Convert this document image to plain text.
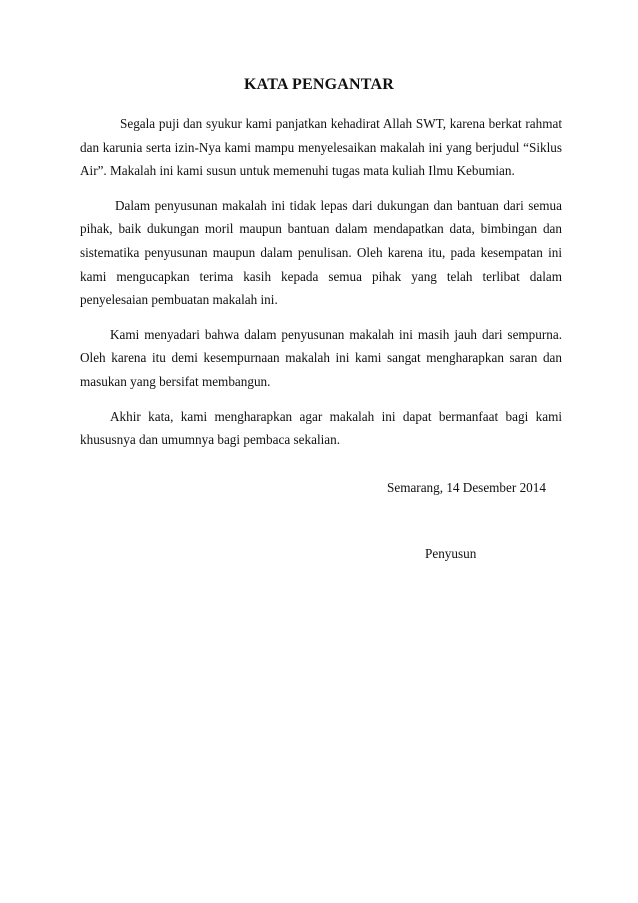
KATA PENGANTAR

Segala puji dan syukur kami panjatkan kehadirat Allah SWT, karena berkat rahmat dan karunia serta izin-Nya kami mampu menyelesaikan makalah ini yang berjudul “Siklus Air”. Makalah ini kami susun untuk memenuhi tugas mata kuliah Ilmu Kebumian.

Dalam penyusunan makalah ini tidak lepas dari dukungan dan bantuan dari semua pihak, baik dukungan moril maupun bantuan dalam mendapatkan data, bimbingan dan sistematika penyusunan maupun dalam penulisan. Oleh karena itu, pada kesempatan ini kami mengucapkan terima kasih kepada semua pihak yang telah terlibat dalam penyelesaian pembuatan makalah ini.

Kami menyadari bahwa dalam penyusunan makalah ini masih jauh dari sempurna. Oleh karena itu demi kesempurnaan makalah ini kami sangat mengharapkan saran dan masukan yang bersifat membangun.

Akhir kata, kami mengharapkan agar makalah ini dapat bermanfaat bagi kami khususnya dan umumnya bagi pembaca sekalian.

Semarang, 14 Desember 2014
Penyusun
